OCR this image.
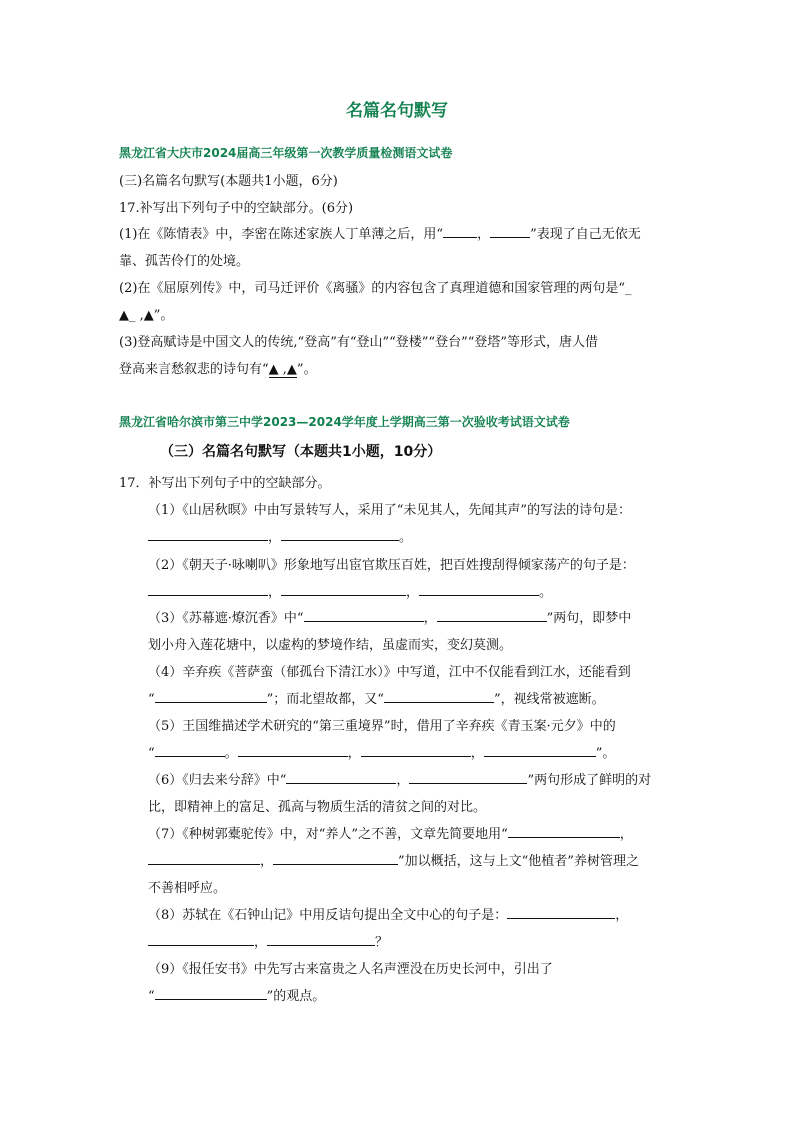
名篇名句默写
黑龙江省大庆市2024届高三年级第一次教学质量检测语文试卷
(三)名篇名句默写(本题共1小题，6分)
17.补写出下列句子中的空缺部分。(6分)
(1)在《陈情表》中，李密在陈述家族人丁单薄之后，用“	，	”表现了自己无依无
靠、孤苦伶仃的处境。
(2)在《屈原列传》中，司马迁评价《离骚》的内容包含了真理道德和国家管理的两句是“_
▲_ ,▲”。
(3)登高赋诗是中国文人的传统,“登高”有“登山”“登楼”“登台”“登塔”等形式，唐人借
登高来言愁叙悲的诗句有“▲ ,▲”。
黑龙江省哈尔滨市第三中学2023—2024学年度上学期高三第一次验收考试语文试卷
（三）名篇名句默写（本题共1小题，10分）
17．补写出下列句子中的空缺部分。
（1）《山居秋暝》中由写景转写人，采用了“未见其人，先闻其声”的写法的诗句是：
，	。
（2）《朝天子·咏喇叭》形象地写出宦官欺压百姓，把百姓搜刮得倾家荡产的句子是：
，	，	。
（3）《苏幕遮·燎沉香》中“	，	”两句，即梦中
划小舟入莲花塘中，以虚构的梦境作结，虽虚而实，变幻莫测。
（4）辛弃疾《菩萨蛮（郁孤台下清江水）》中写道，江中不仅能看到江水，还能看到
“	”；而北望故都，又“	”，视线常被遮断。
（5）王国维描述学术研究的“第三重境界”时，借用了辛弃疾《青玉案·元夕》中的
“	。	，	，	”。
（6）《归去来兮辞》中“	，	”两句形成了鲜明的对
比，即精神上的富足、孤高与物质生活的清贫之间的对比。
（7）《种树郭橐驼传》中，对“养人”之不善，文章先简要地用“	，
，	”加以概括，这与上文“他植者”养树管理之
不善相呼应。
（8）苏轼在《石钟山记》中用反诘句提出全文中心的句子是：	，
，	？
（9）《报任安书》中先写古来富贵之人名声湮没在历史长河中，引出了
“	”的观点。
